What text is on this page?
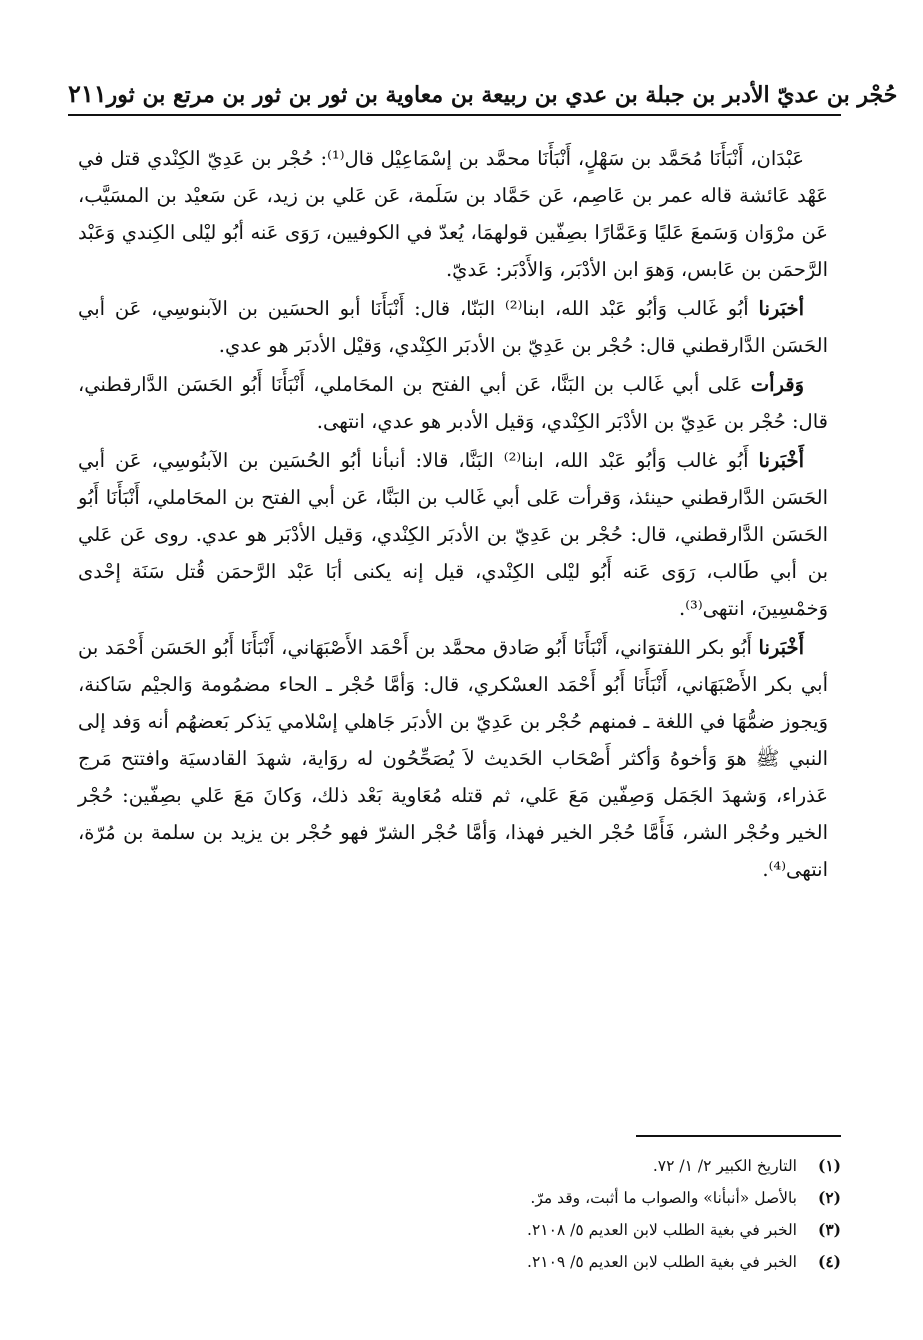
٢١١ حُجْر بن عديّ الأدبر بن جبلة بن عدي بن ربيعة بن معاوية بن ثور بن ثور بن مرتع بن ثور

عَبْدَان، أَنْبَأَنَا مُحَمَّد بن سَهْلٍ، أَنْبَأَنَا محمَّد بن إسْمَاعِيْل قال⁽¹⁾: حُجْر بن عَدِيّ الكِنْدي قتل في عَهْد عَائشة قاله عمر بن عَاصِم، عَن حَمَّاد بن سَلَمة، عَن عَلي بن زيد، عَن سَعيْد بن المسَيَّب، عَن مرْوَان وَسَمعَ عَليًا وَعَمَّارًا بصِفّين قولهمَا، يُعدّ في الكوفيين، رَوَى عَنه أبُو ليْلى الكِندي وَعَبْد الرَّحمَن بن عَابس، وَهوَ ابن الأدْبَر، وَالأَدْبَر: عَديّ.

أخبَرنا أبُو غَالب وَأبُو عَبْد الله، ابنا⁽²⁾ البَنّا، قال: أَنْبَأَنَا أبو الحسَين بن الآبنوسِي، عَن أبي الحَسَن الدَّارقطني قال: حُجْر بن عَدِيّ بن الأدبَر الكِنْدي، وَقيْل الأدبَر هو عدي.

وَقرأت عَلى أبي غَالب بن البَنَّا، عَن أبي الفتح بن المحَاملي، أَنْبَأَنَا أَبُو الحَسَن الدَّارقطني، قال: حُجْر بن عَدِيّ بن الأدْبَر الكِنْدي، وَقيل الأدبر هو عدي، انتهى.

أَخْبَرنا أَبُو غالب وَأبُو عَبْد الله، ابنا⁽²⁾ البَنَّا، قالا: أنبأنا أبُو الحُسَين بن الآبنُوسِي، عَن أبي الحَسَن الدَّارقطني حينئذ، وَقرأت عَلى أبي غَالب بن البَنَّا، عَن أبي الفتح بن المحَاملي، أَنْبَأَنَا أَبُو الحَسَن الدَّارقطني، قال: حُجْر بن عَدِيّ بن الأدبَر الكِنْدي، وَقيل الأدْبَر هو عدي. روى عَن عَلي بن أبي طَالب، رَوَى عَنه أَبُو ليْلى الكِنْدي، قيل إنه يكنى أبَا عَبْد الرَّحمَن قُتل سَنَة إحْدى وَخمْسِينَ، انتهى⁽³⁾.

أَخْبَرنا أَبُو بكر اللفتوَاني، أَنْبَأَنَا أَبُو صَادق محمَّد بن أَحْمَد الأَصْبَهَاني، أَنْبَأَنَا أَبُو الحَسَن أَحْمَد بن أبي بكر الأَصْبَهَاني، أَنْبَأَنَا أَبُو أَحْمَد العسْكري، قال: وَأمَّا حُجْر ـ الحاء مضمُومة وَالجيْم سَاكنة، وَيجوز ضمُّهَا في اللغة ـ فمنهم حُجْر بن عَدِيّ بن الأدبَر جَاهلي إسْلامي يَذكر بَعضهُم أنه وَفد إلى النبي ﷺ هوَ وَأخوهُ وَأكثر أَصْحَاب الحَديث لاَ يُصَحِّحُون له روَاية، شهدَ القادسيَة وافتتح مَرج عَذراء، وَشهدَ الجَمَل وَصِفّين مَعَ عَلي، ثم قتله مُعَاوية بَعْد ذلك، وَكانَ مَعَ عَلي بصِفّين: حُجْر الخير وحُجْر الشر، فَأَمَّا حُجْر الخير فهذا، وَأمَّا حُجْر الشرّ فهو حُجْر بن يزيد بن سلمة بن مُرّة، انتهى⁽⁴⁾.

(١)التاريخ الكبير ٢/ ١/ ٧٢.

(٢)بالأصل «أنبأنا» والصواب ما أثبت، وقد مرّ.

(٣)الخبر في بغية الطلب لابن العديم ٥/ ٢١٠٨.

(٤)الخبر في بغية الطلب لابن العديم ٥/ ٢١٠٩.
